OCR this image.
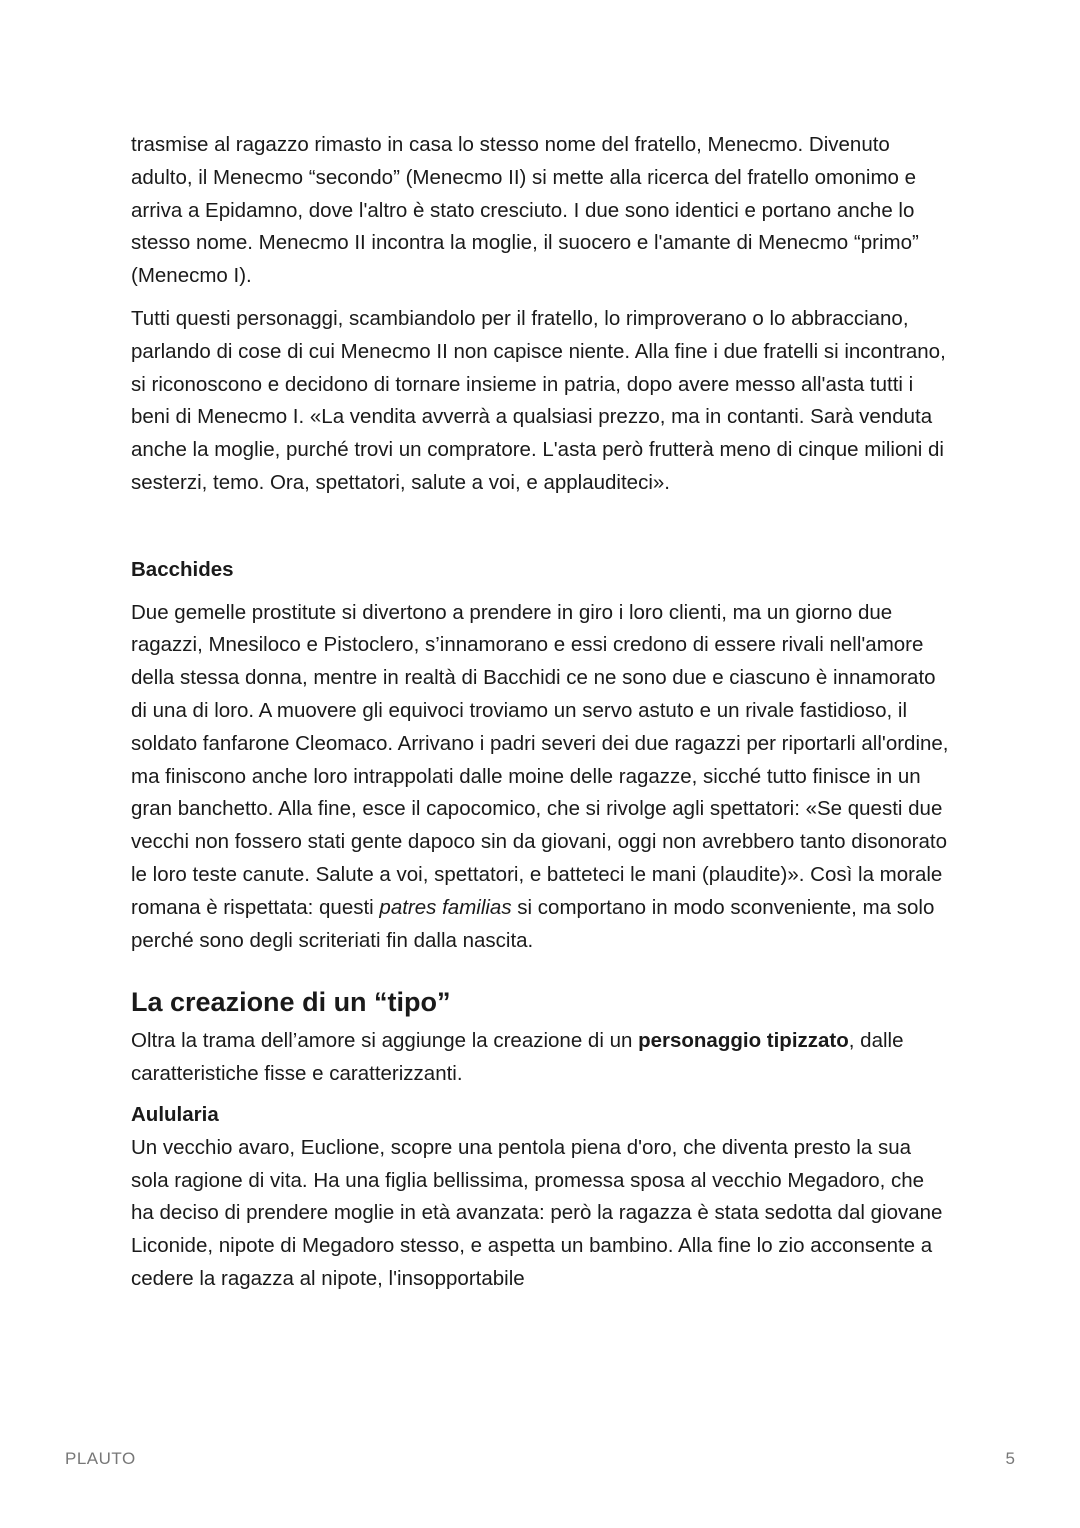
trasmise al ragazzo rimasto in casa lo stesso nome del fratello, Menecmo. Divenuto adulto, il Menecmo “secondo” (Menecmo II) si mette alla ricerca del fratello omonimo e arriva a Epidamno, dove l'altro è stato cresciuto. I due sono identici e portano anche lo stesso nome. Menecmo II incontra la moglie, il suocero e l'amante di Menecmo “primo” (Menecmo I).

Tutti questi personaggi, scambiandolo per il fratello, lo rimproverano o lo abbracciano, parlando di cose di cui Menecmo II non capisce niente. Alla fine i due fratelli si incontrano, si riconoscono e decidono di tornare insieme in patria, dopo avere messo all'asta tutti i beni di Menecmo I. «La vendita avverrà a qualsiasi prezzo, ma in contanti. Sarà venduta anche la moglie, purché trovi un compratore. L'asta però frutterà meno di cinque milioni di sesterzi, temo. Ora, spettatori, salute a voi, e applauditeci».

Bacchides

Due gemelle prostitute si divertono a prendere in giro i loro clienti, ma un giorno due ragazzi, Mnesiloco e Pistoclero, s’innamorano e essi credono di essere rivali nell'amore della stessa donna, mentre in realtà di Bacchidi ce ne sono due e ciascuno è innamorato di una di loro. A muovere gli equivoci troviamo un servo astuto e un rivale fastidioso, il soldato fanfarone Cleomaco. Arrivano i padri severi dei due ragazzi per riportarli all'ordine, ma finiscono anche loro intrappolati dalle moine delle ragazze, sicché tutto finisce in un gran banchetto. Alla fine, esce il capocomico, che si rivolge agli spettatori: «Se questi due vecchi non fossero stati gente dapoco sin da giovani, oggi non avrebbero tanto disonorato le loro teste canute. Salute a voi, spettatori, e batteteci le mani (plaudite)». Così la morale romana è rispettata: questi patres familias si comportano in modo sconveniente, ma solo perché sono degli scriteriati fin dalla nascita.

La creazione di un “tipo”

Oltra la trama dell’amore si aggiunge la creazione di un personaggio tipizzato, dalle caratteristiche fisse e caratterizzanti.

Aulularia

Un vecchio avaro, Euclione, scopre una pentola piena d'oro, che diventa presto la sua sola ragione di vita. Ha una figlia bellissima, promessa sposa al vecchio Megadoro, che ha deciso di prendere moglie in età avanzata: però la ragazza è stata sedotta dal giovane Liconide, nipote di Megadoro stesso, e aspetta un bambino. Alla fine lo zio acconsente a cedere la ragazza al nipote, l'insopportabile

PLAUTO	5
